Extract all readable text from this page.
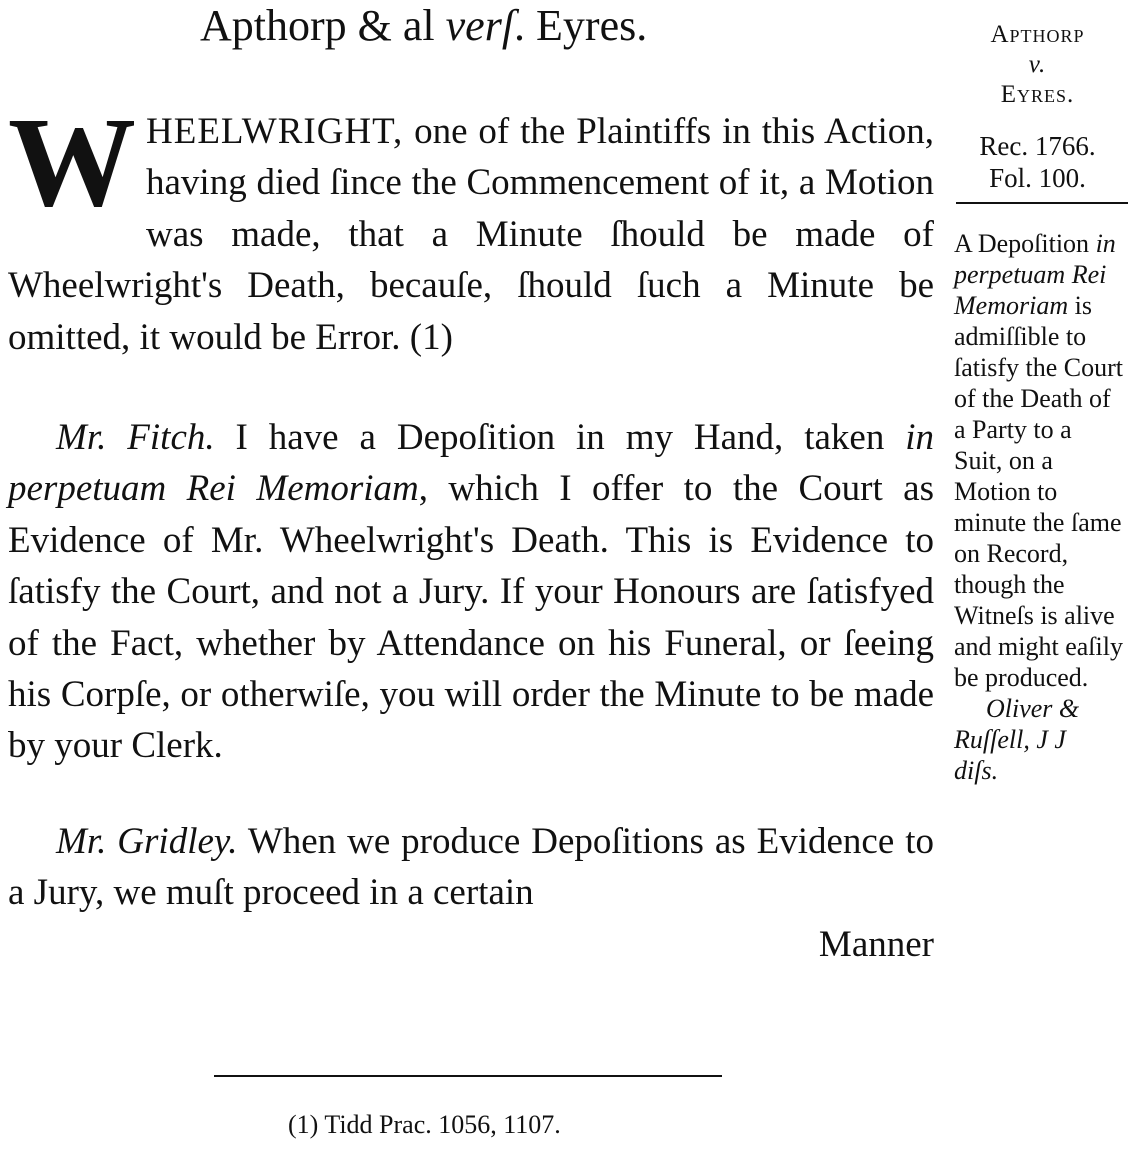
Apthorp & al verſ. Eyres.	Apthorp
v.
Eyres.
Rec. 1766.
Fol. 100.
A Depoſition in perpetuam Rei Memoriam is admiſſible to ſatisfy the Court of the Death of a Party to a Suit, on a Motion to minute the ſame on Record, though the Witneſs is alive and might eaſily be produced.
Oliver &
Ruſſell, J J
diſs.

WHEELWRIGHT, one of the Plaintiffs in this Action, having died ſince the Commencement of it, a Motion was made, that a Minute ſhould be made of Wheelwright's Death, becauſe, ſhould ſuch a Minute be omitted, it would be Error. (1)

Mr. Fitch. I have a Depoſition in my Hand, taken in perpetuam Rei Memoriam, which I offer to the Court as Evidence of Mr. Wheelwright's Death. This is Evidence to ſatisfy the Court, and not a Jury. If your Honours are ſatisfyed of the Fact, whether by Attendance on his Funeral, or ſeeing his Corpſe, or otherwiſe, you will order the Minute to be made by your Clerk.

Mr. Gridley. When we produce Depoſitions as Evidence to a Jury, we muſt proceed in a certain

Manner

(1) Tidd Prac. 1056, 1107.
